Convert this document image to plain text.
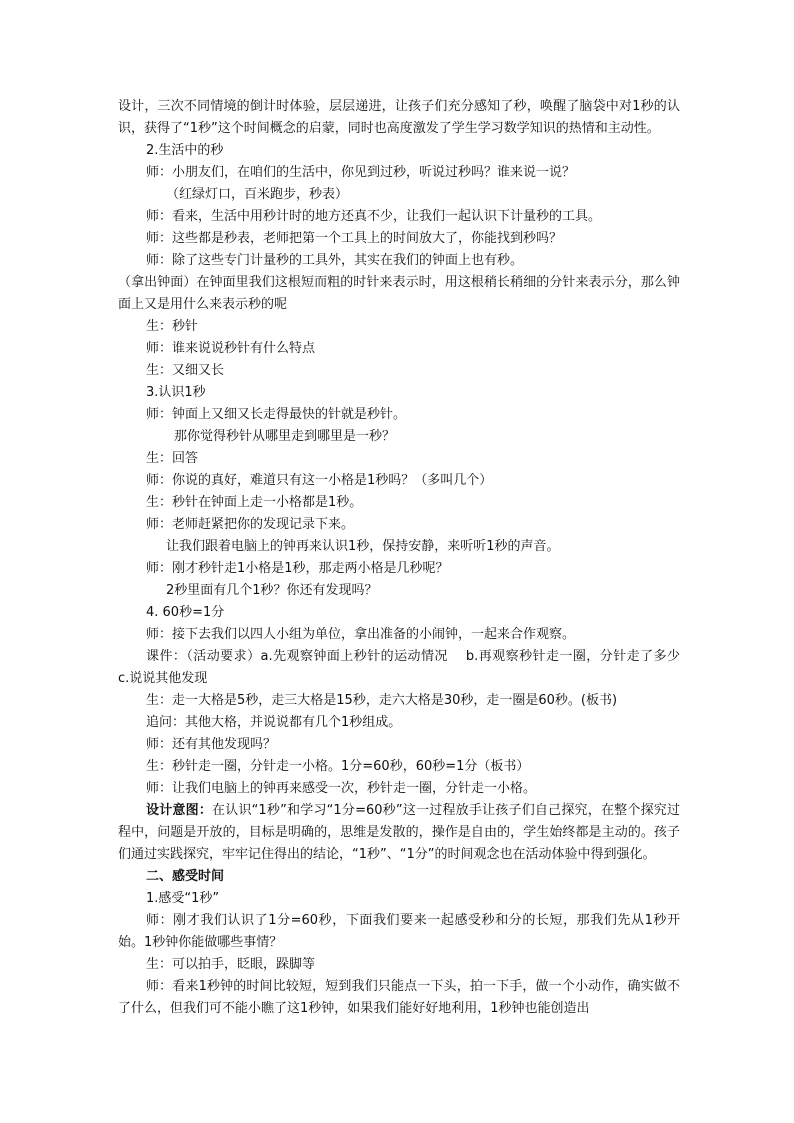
设计，三次不同情境的倒计时体验，层层递进，让孩子们充分感知了秒，唤醒了脑袋中对1秒的认识，获得了“1秒”这个时间概念的启蒙，同时也高度激发了学生学习数学知识的热情和主动性。

2.生活中的秒

师：小朋友们，在咱们的生活中，你见到过秒，听说过秒吗？谁来说一说？

（红绿灯口，百米跑步，秒表）

师：看来，生活中用秒计时的地方还真不少，让我们一起认识下计量秒的工具。

师：这些都是秒表，老师把第一个工具上的时间放大了，你能找到秒吗？

师：除了这些专门计量秒的工具外，其实在我们的钟面上也有秒。

（拿出钟面）在钟面里我们这根短而粗的时针来表示时，用这根稍长稍细的分针来表示分，那么钟面上又是用什么来表示秒的呢

生：秒针

师：谁来说说秒针有什么特点

生：又细又长

3.认识1秒

师：钟面上又细又长走得最快的针就是秒针。

那你觉得秒针从哪里走到哪里是一秒？

生：回答

师：你说的真好，难道只有这一小格是1秒吗？（多叫几个）

生：秒针在钟面上走一小格都是1秒。

师：老师赶紧把你的发现记录下来。

让我们跟着电脑上的钟再来认识1秒，保持安静，来听听1秒的声音。

师：刚才秒针走1小格是1秒，那走两小格是几秒呢？

2秒里面有几个1秒？你还有发现吗？

4. 60秒=1分

师：接下去我们以四人小组为单位，拿出准备的小闹钟，一起来合作观察。

课件：（活动要求）a.先观察钟面上秒针的运动情况　 b.再观察秒针走一圈，分针走了多少　 c.说说其他发现

生：走一大格是5秒，走三大格是15秒，走六大格是30秒，走一圈是60秒。(板书)

追问：其他大格，并说说都有几个1秒组成。

师：还有其他发现吗？

生：秒针走一圈，分针走一小格。1分=60秒，60秒=1分（板书）

师：让我们电脑上的钟再来感受一次，秒针走一圈，分针走一小格。

设计意图：在认识“1秒”和学习“1分=60秒”这一过程放手让孩子们自己探究，在整个探究过程中，问题是开放的，目标是明确的，思维是发散的，操作是自由的，学生始终都是主动的。孩子们通过实践探究，牢牢记住得出的结论，“1秒”、“1分”的时间观念也在活动体验中得到强化。

二、感受时间

1.感受“1秒”

师：刚才我们认识了1分=60秒，下面我们要来一起感受秒和分的长短，那我们先从1秒开始。1秒钟你能做哪些事情？

生：可以拍手，眨眼，跺脚等

师：看来1秒钟的时间比较短，短到我们只能点一下头，拍一下手，做一个小动作，确实做不了什么，但我们可不能小瞧了这1秒钟，如果我们能好好地利用，1秒钟也能创造出
